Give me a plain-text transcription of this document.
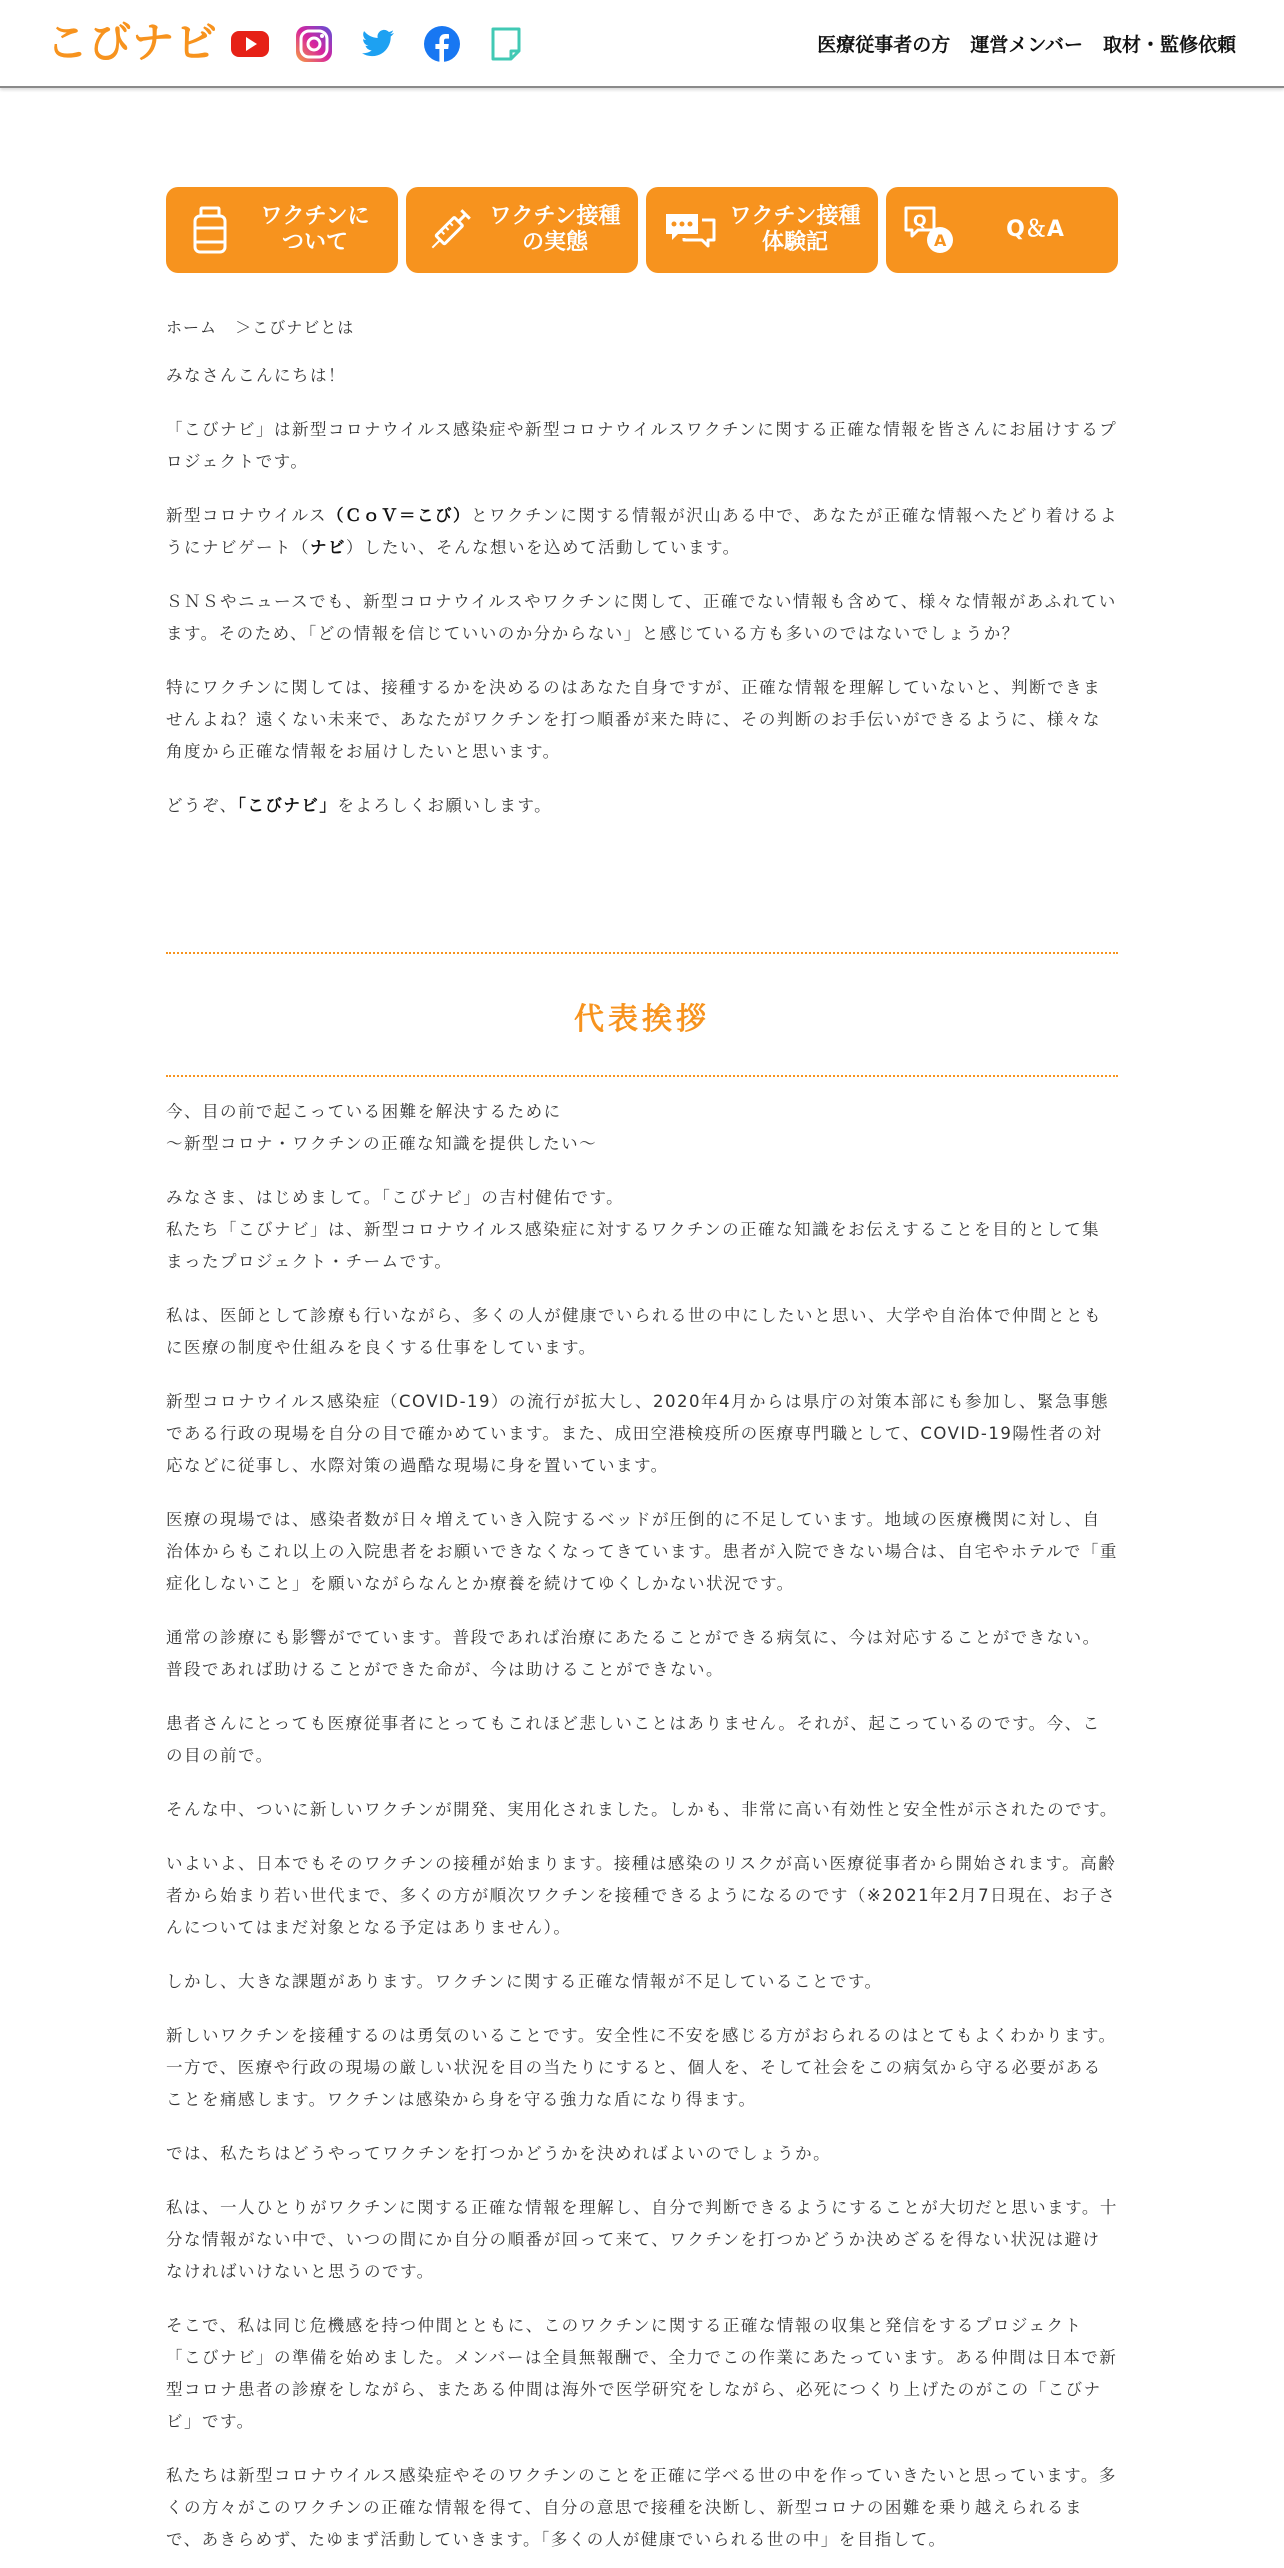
こびナビ	医療従事者の方 運営メンバー 取材・監修依頼
ワクチンに
ついて
ワクチン接種
の実態
ワクチン接種
体験記
Q
A	Q＆A
ホーム ＞こびナビとは

みなさんこんにちは！

「こびナビ」は新型コロナウイルス感染症や新型コロナウイルスワクチンに関する正確な情報を皆さんにお届けするプロジェクトです。

新型コロナウイルス（ＣｏＶ＝こび）とワクチンに関する情報が沢山ある中で、あなたが正確な情報へたどり着けるようにナビゲート（ナビ）したい、そんな想いを込めて活動しています。

ＳＮＳやニュースでも、新型コロナウイルスやワクチンに関して、正確でない情報も含めて、様々な情報があふれています。そのため、「どの情報を信じていいのか分からない」と感じている方も多いのではないでしょうか？

特にワクチンに関しては、接種するかを決めるのはあなた自身ですが、正確な情報を理解していないと、判断できませんよね？遠くない未来で、あなたがワクチンを打つ順番が来た時に、その判断のお手伝いができるように、様々な角度から正確な情報をお届けしたいと思います。

どうぞ、「こびナビ」をよろしくお願いします。

代表挨拶

今、目の前で起こっている困難を解決するために
〜新型コロナ・ワクチンの正確な知識を提供したい〜

みなさま、はじめまして。「こびナビ」の吉村健佑です。
私たち「こびナビ」は、新型コロナウイルス感染症に対するワクチンの正確な知識をお伝えすることを目的として集まったプロジェクト・チームです。

私は、医師として診療も行いながら、多くの人が健康でいられる世の中にしたいと思い、大学や自治体で仲間とともに医療の制度や仕組みを良くする仕事をしています。

新型コロナウイルス感染症（COVID-19）の流行が拡大し、2020年4月からは県庁の対策本部にも参加し、緊急事態である行政の現場を自分の目で確かめています。また、成田空港検疫所の医療専門職として、COVID-19陽性者の対応などに従事し、水際対策の過酷な現場に身を置いています。

医療の現場では、感染者数が日々増えていき入院するベッドが圧倒的に不足しています。地域の医療機関に対し、自治体からもこれ以上の入院患者をお願いできなくなってきています。患者が入院できない場合は、自宅やホテルで「重症化しないこと」を願いながらなんとか療養を続けてゆくしかない状況です。

通常の診療にも影響がでています。普段であれば治療にあたることができる病気に、今は対応することができない。普段であれば助けることができた命が、今は助けることができない。

患者さんにとっても医療従事者にとってもこれほど悲しいことはありません。それが、起こっているのです。今、この目の前で。

そんな中、ついに新しいワクチンが開発、実用化されました。しかも、非常に高い有効性と安全性が示されたのです。

いよいよ、日本でもそのワクチンの接種が始まります。接種は感染のリスクが高い医療従事者から開始されます。高齢者から始まり若い世代まで、多くの方が順次ワクチンを接種できるようになるのです（※2021年2月7日現在、お子さんについてはまだ対象となる予定はありません）。

しかし、大きな課題があります。ワクチンに関する正確な情報が不足していることです。

新しいワクチンを接種するのは勇気のいることです。安全性に不安を感じる方がおられるのはとてもよくわかります。一方で、医療や行政の現場の厳しい状況を目の当たりにすると、個人を、そして社会をこの病気から守る必要があることを痛感します。ワクチンは感染から身を守る強力な盾になり得ます。

では、私たちはどうやってワクチンを打つかどうかを決めればよいのでしょうか。

私は、一人ひとりがワクチンに関する正確な情報を理解し、自分で判断できるようにすることが大切だと思います。十分な情報がない中で、いつの間にか自分の順番が回って来て、ワクチンを打つかどうか決めざるを得ない状況は避けなければいけないと思うのです。

そこで、私は同じ危機感を持つ仲間とともに、このワクチンに関する正確な情報の収集と発信をするプロジェクト「こびナビ」の準備を始めました。メンバーは全員無報酬で、全力でこの作業にあたっています。ある仲間は日本で新型コロナ患者の診療をしながら、またある仲間は海外で医学研究をしながら、必死につくり上げたのがこの「こびナビ」です。

私たちは新型コロナウイルス感染症やそのワクチンのことを正確に学べる世の中を作っていきたいと思っています。多くの方々がこのワクチンの正確な情報を得て、自分の意思で接種を決断し、新型コロナの困難を乗り越えられるまで、あきらめず、たゆまず活動していきます。「多くの人が健康でいられる世の中」を目指して。
